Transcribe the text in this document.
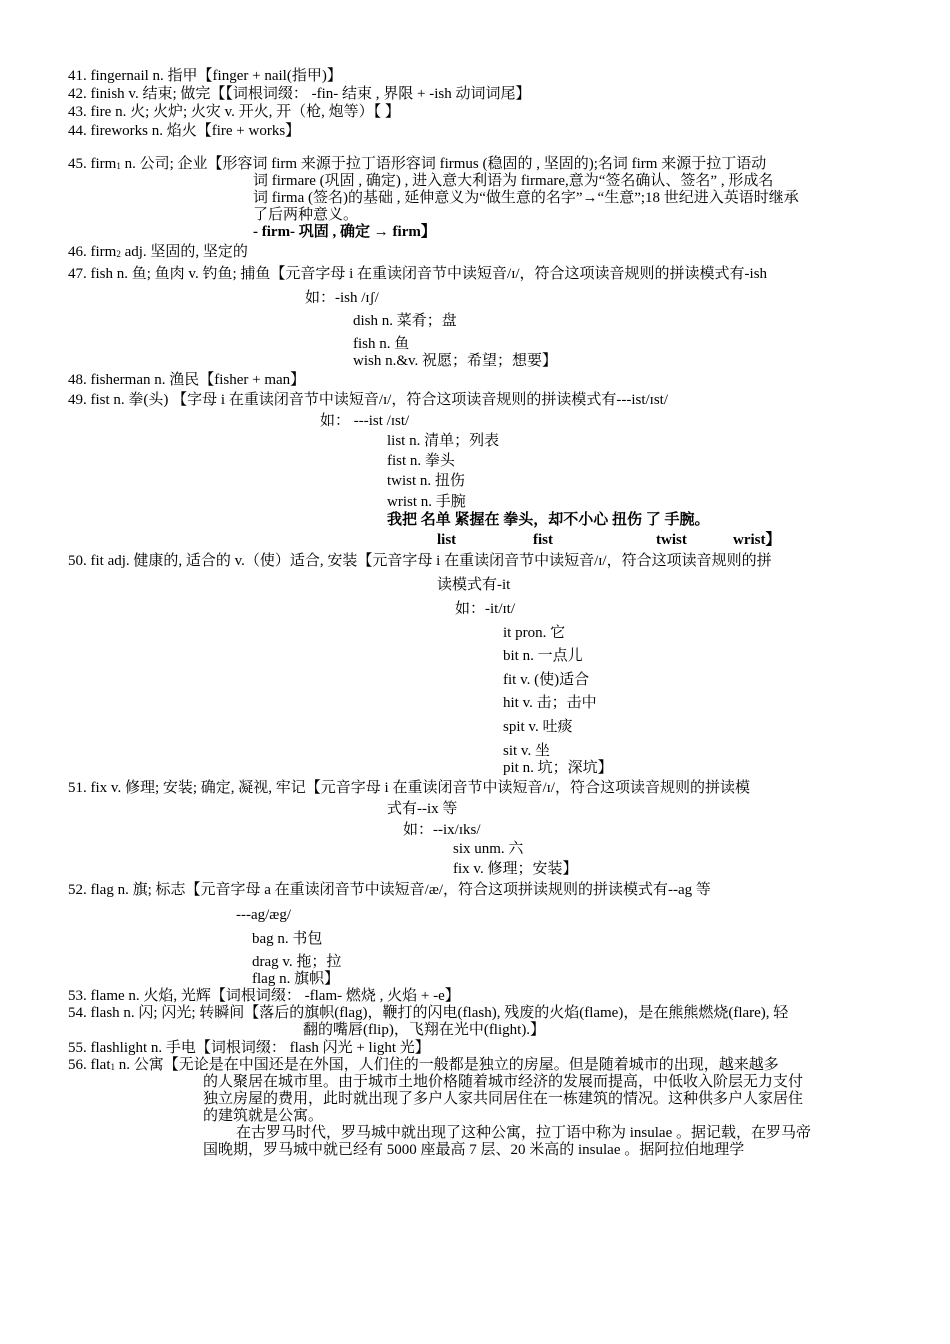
41. fingernail n. 指甲【finger + nail(指甲)】
42. finish v. 结束; 做完【【词根词缀： -fin- 结束 , 界限 + -ish 动词词尾】
43. fire n. 火; 火炉; 火灾 v. 开火, 开（枪, 炮等）【 】
44. fireworks n. 焰火【fire + works】
45. firm$_1$ n. 公司; 企业【形容词 firm 来源于拉丁语形容词 firmus (稳固的 , 坚固的);名词 firm 来源于拉丁语动
词 firmare (巩固 , 确定) , 进入意大利语为 firmare,意为“签名确认、签名” , 形成名
词 firma (签名)的基础 , 延伸意义为“做生意的名字”→“生意”;18 世纪进入英语时继承
了后两种意义。
- firm- 巩固 , 确定 → firm】
46. firm$_2$ adj. 坚固的, 坚定的
47. fish n. 鱼; 鱼肉 v. 钓鱼; 捕鱼【元音字母 i 在重读闭音节中读短音/ɪ/，符合这项读音规则的拼读模式有-ish
如：-ish /ɪʃ/
dish n. 菜肴；盘
fish n. 鱼
wish n.&v. 祝愿；希望；想要】
48. fisherman n. 渔民【fisher + man】
49. fist n. 拳(头) 【字母 i 在重读闭音节中读短音/ɪ/，符合这项读音规则的拼读模式有---ist/ɪst/
如： ---ist /ɪst/
list n. 清单；列表
fist n. 拳头
twist n. 扭伤
wrist n. 手腕
我把 名单 紧握在 拳头，却不小心 扭伤 了 手腕。
list	fist	twist	wrist】
50. fit adj. 健康的, 适合的 v.（使）适合, 安装【元音字母 i 在重读闭音节中读短音/ɪ/，符合这项读音规则的拼
读模式有-it
如：-it/ɪt/
it pron. 它
bit n. 一点儿
fit v. (使)适合
hit v. 击；击中
spit v. 吐痰
sit v. 坐
pit n. 坑；深坑】
51. fix v. 修理; 安装; 确定, 凝视, 牢记【元音字母 i 在重读闭音节中读短音/ɪ/，符合这项读音规则的拼读模
式有--ix 等
如：--ix/ɪks/
six unm. 六
fix v. 修理；安装】
52. flag n. 旗; 标志【元音字母 a 在重读闭音节中读短音/æ/，符合这项拼读规则的拼读模式有--ag 等
---ag/æg/
bag n. 书包
drag v. 拖；拉
flag n. 旗帜】
53. flame n. 火焰, 光辉【词根词缀： -flam- 燃烧 , 火焰 + -e】
54. flash n. 闪; 闪光; 转瞬间【落后的旗帜(flag)，鞭打的闪电(flash), 残废的火焰(flame)，是在熊熊燃烧(flare), 轻
翻的嘴唇(flip)，飞翔在光中(flight).】
55. flashlight n. 手电【词根词缀： flash 闪光 + light 光】
56. flat$_1$ n. 公寓【无论是在中国还是在外国，人们住的一般都是独立的房屋。但是随着城市的出现，越来越多
的人聚居在城市里。由于城市土地价格随着城市经济的发展而提高，中低收入阶层无力支付
独立房屋的费用，此时就出现了多户人家共同居住在一栋建筑的情况。这种供多户人家居住
的建筑就是公寓。
在古罗马时代，罗马城中就出现了这种公寓，拉丁语中称为 insulae 。据记载，在罗马帝
国晚期，罗马城中就已经有 5000 座最高 7 层、20 米高的 insulae 。据阿拉伯地理学
